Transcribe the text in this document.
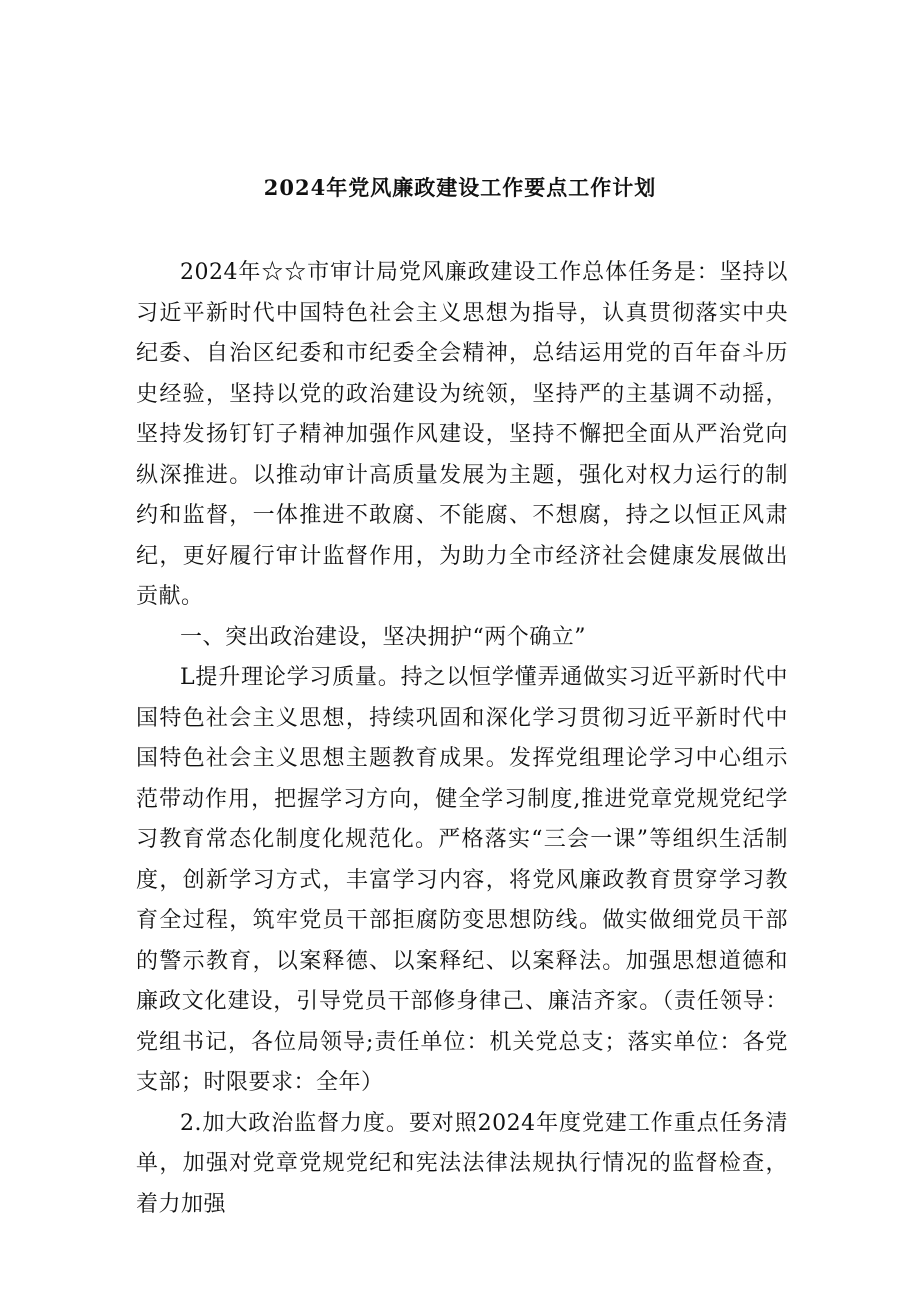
2024年党风廉政建设工作要点工作计划

2024年☆☆市审计局党风廉政建设工作总体任务是：坚持以习近平新时代中国特色社会主义思想为指导，认真贯彻落实中央纪委、自治区纪委和市纪委全会精神，总结运用党的百年奋斗历史经验，坚持以党的政治建设为统领，坚持严的主基调不动摇，坚持发扬钉钉子精神加强作风建设，坚持不懈把全面从严治党向纵深推进。以推动审计高质量发展为主题，强化对权力运行的制约和监督，一体推进不敢腐、不能腐、不想腐，持之以恒正风肃纪，更好履行审计监督作用，为助力全市经济社会健康发展做出贡献。

一、突出政治建设，坚决拥护“两个确立”

L提升理论学习质量。持之以恒学懂弄通做实习近平新时代中国特色社会主义思想，持续巩固和深化学习贯彻习近平新时代中国特色社会主义思想主题教育成果。发挥党组理论学习中心组示范带动作用，把握学习方向，健全学习制度,推进党章党规党纪学习教育常态化制度化规范化。严格落实“三会一课”等组织生活制度，创新学习方式，丰富学习内容，将党风廉政教育贯穿学习教育全过程，筑牢党员干部拒腐防变思想防线。做实做细党员干部的警示教育，以案释德、以案释纪、以案释法。加强思想道德和廉政文化建设，引导党员干部修身律己、廉洁齐家。（责任领导：党组书记，各位局领导;责任单位：机关党总支；落实单位：各党支部；时限要求：全年）

2.加大政治监督力度。要对照2024年度党建工作重点任务清单，加强对党章党规党纪和宪法法律法规执行情况的监督检查，着力加强
